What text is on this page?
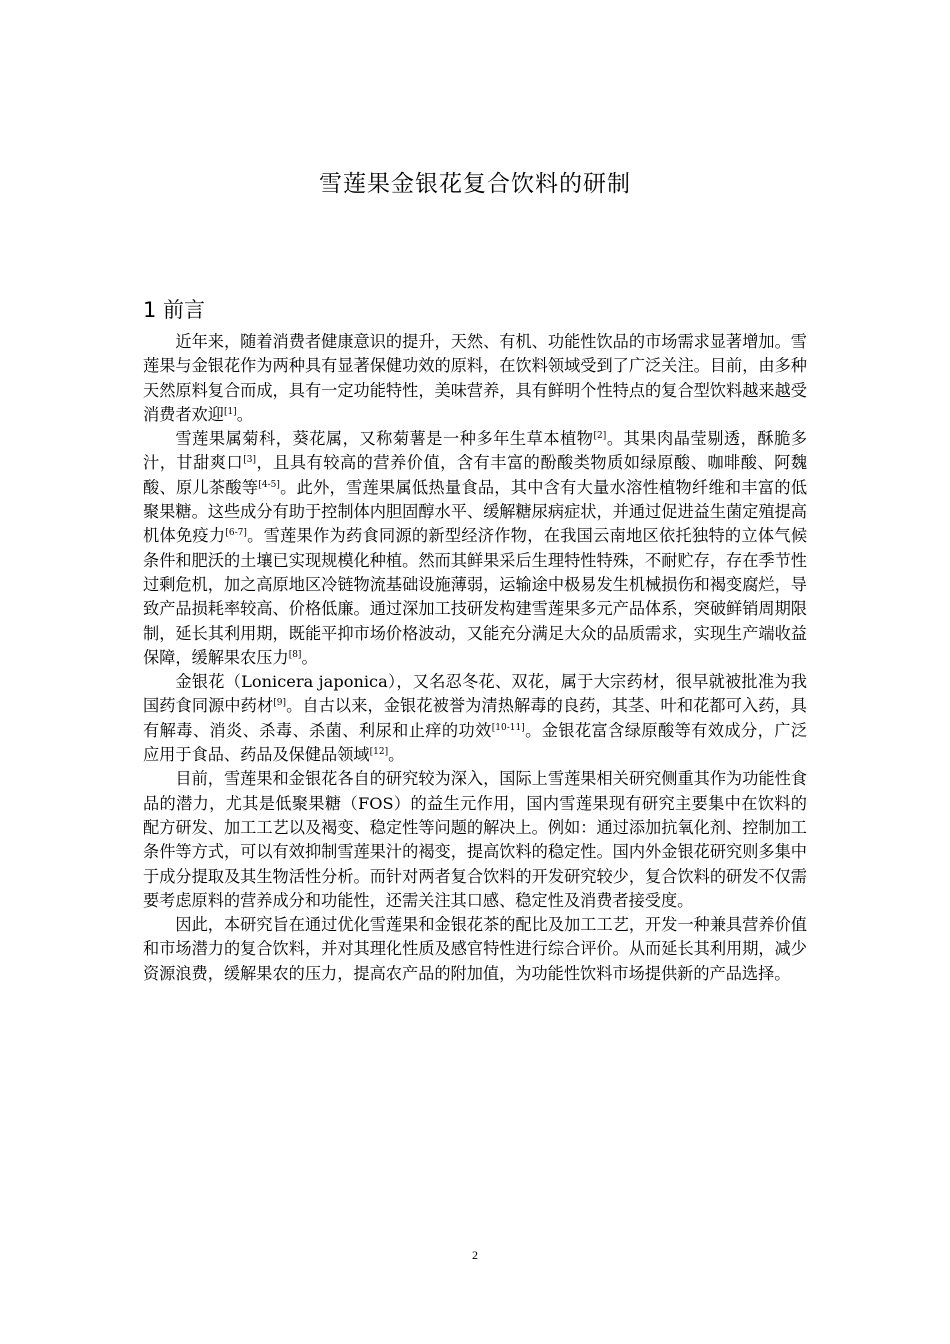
雪莲果金银花复合饮料的研制
1 前言

近年来，随着消费者健康意识的提升，天然、有机、功能性饮品的市场需求显著增加。雪莲果与金银花作为两种具有显著保健功效的原料，在饮料领域受到了广泛关注。目前，由多种天然原料复合而成，具有一定功能特性，美味营养，具有鲜明个性特点的复合型饮料越来越受消费者欢迎[1]。

雪莲果属菊科，葵花属，又称菊薯是一种多年生草本植物[2]。其果肉晶莹剔透，酥脆多汁，甘甜爽口[3]，且具有较高的营养价值，含有丰富的酚酸类物质如绿原酸、咖啡酸、阿魏酸、原儿茶酸等[4-5]。此外，雪莲果属低热量食品，其中含有大量水溶性植物纤维和丰富的低聚果糖。这些成分有助于控制体内胆固醇水平、缓解糖尿病症状，并通过促进益生菌定殖提高机体免疫力[6-7]。雪莲果作为药食同源的新型经济作物，在我国云南地区依托独特的立体气候条件和肥沃的土壤已实现规模化种植。然而其鲜果采后生理特性特殊，不耐贮存，存在季节性过剩危机，加之高原地区冷链物流基础设施薄弱，运输途中极易发生机械损伤和褐变腐烂，导致产品损耗率较高、价格低廉。通过深加工技研发构建雪莲果多元产品体系，突破鲜销周期限制，延长其利用期，既能平抑市场价格波动，又能充分满足大众的品质需求，实现生产端收益保障，缓解果农压力[8]。

金银花（Lonicera japonica），又名忍冬花、双花，属于大宗药材，很早就被批准为我国药食同源中药材[9]。自古以来，金银花被誉为清热解毒的良药，其茎、叶和花都可入药，具有解毒、消炎、杀毒、杀菌、利尿和止痒的功效[10-11]。金银花富含绿原酸等有效成分，广泛应用于食品、药品及保健品领域[12]。

目前，雪莲果和金银花各自的研究较为深入，国际上雪莲果相关研究侧重其作为功能性食品的潜力，尤其是低聚果糖（FOS）的益生元作用，国内雪莲果现有研究主要集中在饮料的配方研发、加工工艺以及褐变、稳定性等问题的解决上。例如：通过添加抗氧化剂、控制加工条件等方式，可以有效抑制雪莲果汁的褐变，提高饮料的稳定性。国内外金银花研究则多集中于成分提取及其生物活性分析。而针对两者复合饮料的开发研究较少，复合饮料的研发不仅需要考虑原料的营养成分和功能性，还需关注其口感、稳定性及消费者接受度。

因此，本研究旨在通过优化雪莲果和金银花茶的配比及加工工艺，开发一种兼具营养价值和市场潜力的复合饮料，并对其理化性质及感官特性进行综合评价。从而延长其利用期，减少资源浪费，缓解果农的压力，提高农产品的附加值，为功能性饮料市场提供新的产品选择。

2
